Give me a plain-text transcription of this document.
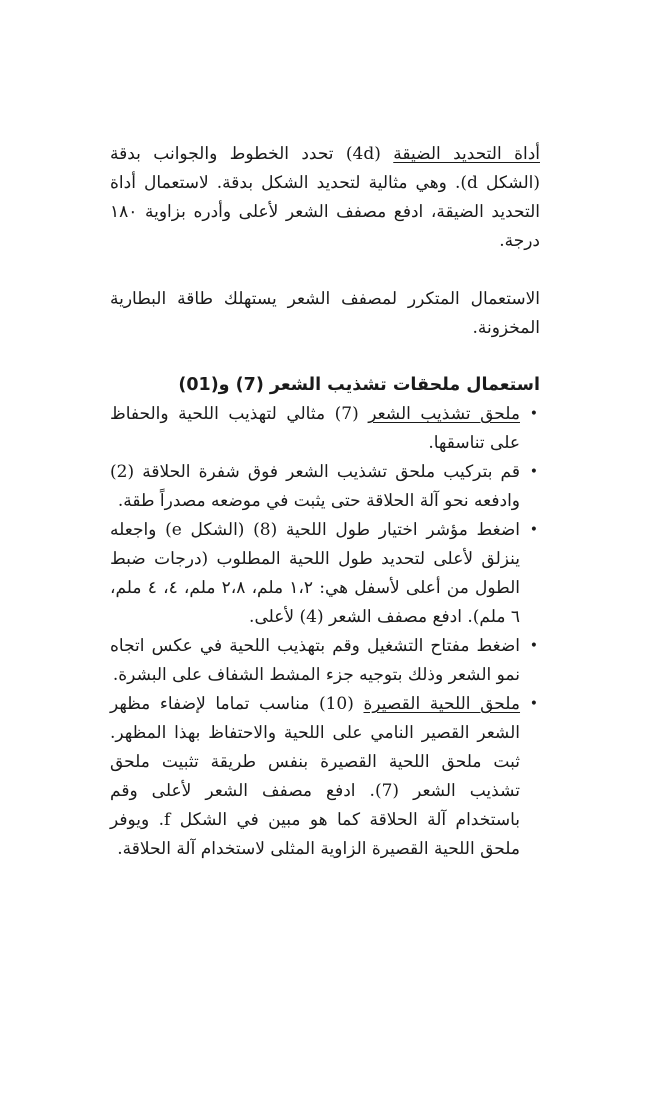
أداة التحديد الضيقة (4d) تحدد الخطوط والجوانب بدقة (الشكل d). وهي مثالية لتحديد الشكل بدقة. لاستعمال أداة التحديد الضيقة، ادفع مصفف الشعر لأعلى وأدره بزاوية ١٨٠ درجة.

الاستعمال المتكرر لمصفف الشعر يستهلك طاقة البطارية المخزونة.

استعمال ملحقات تشذيب الشعر (7) و(01)
•
ملحق تشذيب الشعر (7) مثالي لتهذيب اللحية والحفاظ على تناسقها.
•
قم بتركيب ملحق تشذيب الشعر فوق شفرة الحلاقة (2) وادفعه نحو آلة الحلاقة حتى يثبت في موضعه مصدراً طقة.
•
اضغط مؤشر اختيار طول اللحية (8) (الشكل e) واجعله ينزلق لأعلى لتحديد طول اللحية المطلوب (درجات ضبط الطول من أعلى لأسفل هي: ١،٢ ملم، ٢،٨ ملم، ٤، ٤ ملم، ٦ ملم). ادفع مصفف الشعر (4) لأعلى.
•
اضغط مفتاح التشغيل وقم بتهذيب اللحية في عكس اتجاه نمو الشعر وذلك بتوجيه جزء المشط الشفاف على البشرة.
•
ملحق اللحية القصيرة (10) مناسب تماما لإضفاء مظهر الشعر القصير النامي على اللحية والاحتفاظ بهذا المظهر. ثبت ملحق اللحية القصيرة بنفس طريقة تثبيت ملحق تشذيب الشعر (7). ادفع مصفف الشعر لأعلى وقم باستخدام آلة الحلاقة كما هو مبين في الشكل f. ويوفر ملحق اللحية القصيرة الزاوية المثلى لاستخدام آلة الحلاقة.
